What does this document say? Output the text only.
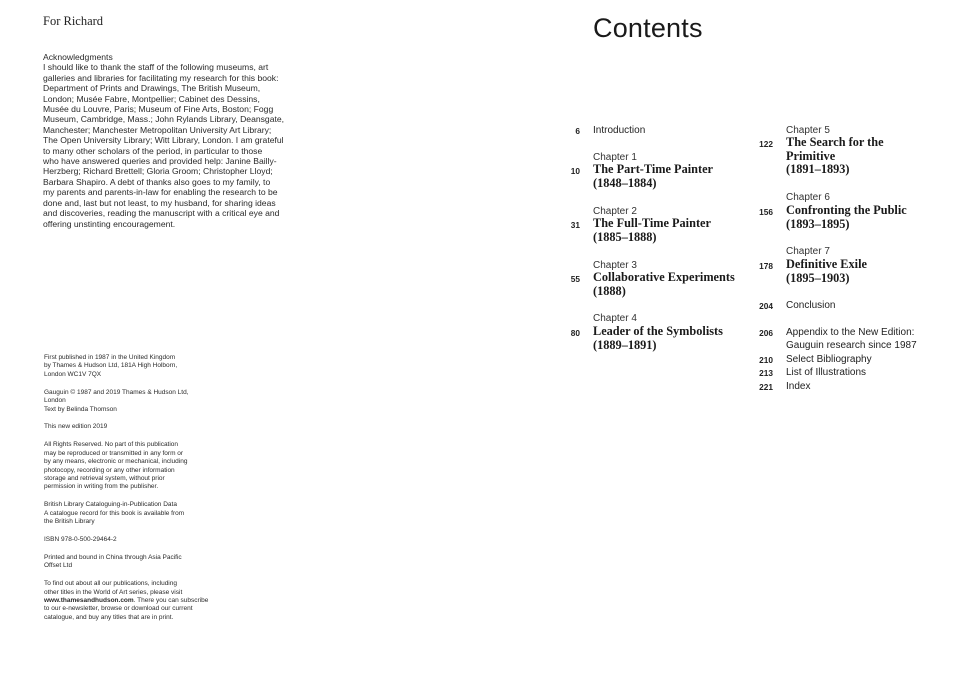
For Richard
Acknowledgments
I should like to thank the staff of the following museums, art
galleries and libraries for facilitating my research for this book:
Department of Prints and Drawings, The British Museum,
London; Musée Fabre, Montpellier; Cabinet des Dessins,
Musée du Louvre, Paris; Museum of Fine Arts, Boston; Fogg
Museum, Cambridge, Mass.; John Rylands Library, Deansgate,
Manchester; Manchester Metropolitan University Art Library;
The Open University Library; Witt Library, London. I am grateful
to many other scholars of the period, in particular to those
who have answered queries and provided help: Janine Bailly-
Herzberg; Richard Brettell; Gloria Groom; Christopher Lloyd;
Barbara Shapiro. A debt of thanks also goes to my family, to
my parents and parents-in-law for enabling the research to be
done and, last but not least, to my husband, for sharing ideas
and discoveries, reading the manuscript with a critical eye and
offering unstinting encouragement.
First published in 1987 in the United Kingdom
by Thames & Hudson Ltd, 181A High Holborn,
London WC1V 7QX
Gauguin © 1987 and 2019 Thames & Hudson Ltd,
London
Text by Belinda Thomson
This new edition 2019
All Rights Reserved. No part of this publication
may be reproduced or transmitted in any form or
by any means, electronic or mechanical, including
photocopy, recording or any other information
storage and retrieval system, without prior
permission in writing from the publisher.
British Library Cataloguing-in-Publication Data
A catalogue record for this book is available from
the British Library
ISBN 978-0-500-29464-2
Printed and bound in China through Asia Pacific
Offset Ltd
To find out about all our publications, including
other titles in the World of Art series, please visit
www.thamesandhudson.com. There you can subscribe
to our e-newsletter, browse or download our current
catalogue, and buy any titles that are in print.
Contents
6 Introduction
Chapter 1
10 The Part-Time Painter
(1848–1884)
Chapter 2
31 The Full-Time Painter
(1885–1888)
Chapter 3
55 Collaborative Experiments
(1888)
Chapter 4
80 Leader of the Symbolists
(1889–1891)
Chapter 5
122 The Search for the
Primitive
(1891–1893)
Chapter 6
156 Confronting the Public
(1893–1895)
Chapter 7
178 Definitive Exile
(1895–1903)
204 Conclusion
206 Appendix to the New Edition:
Gauguin research since 1987
210 Select Bibliography
213 List of Illustrations
221 Index
